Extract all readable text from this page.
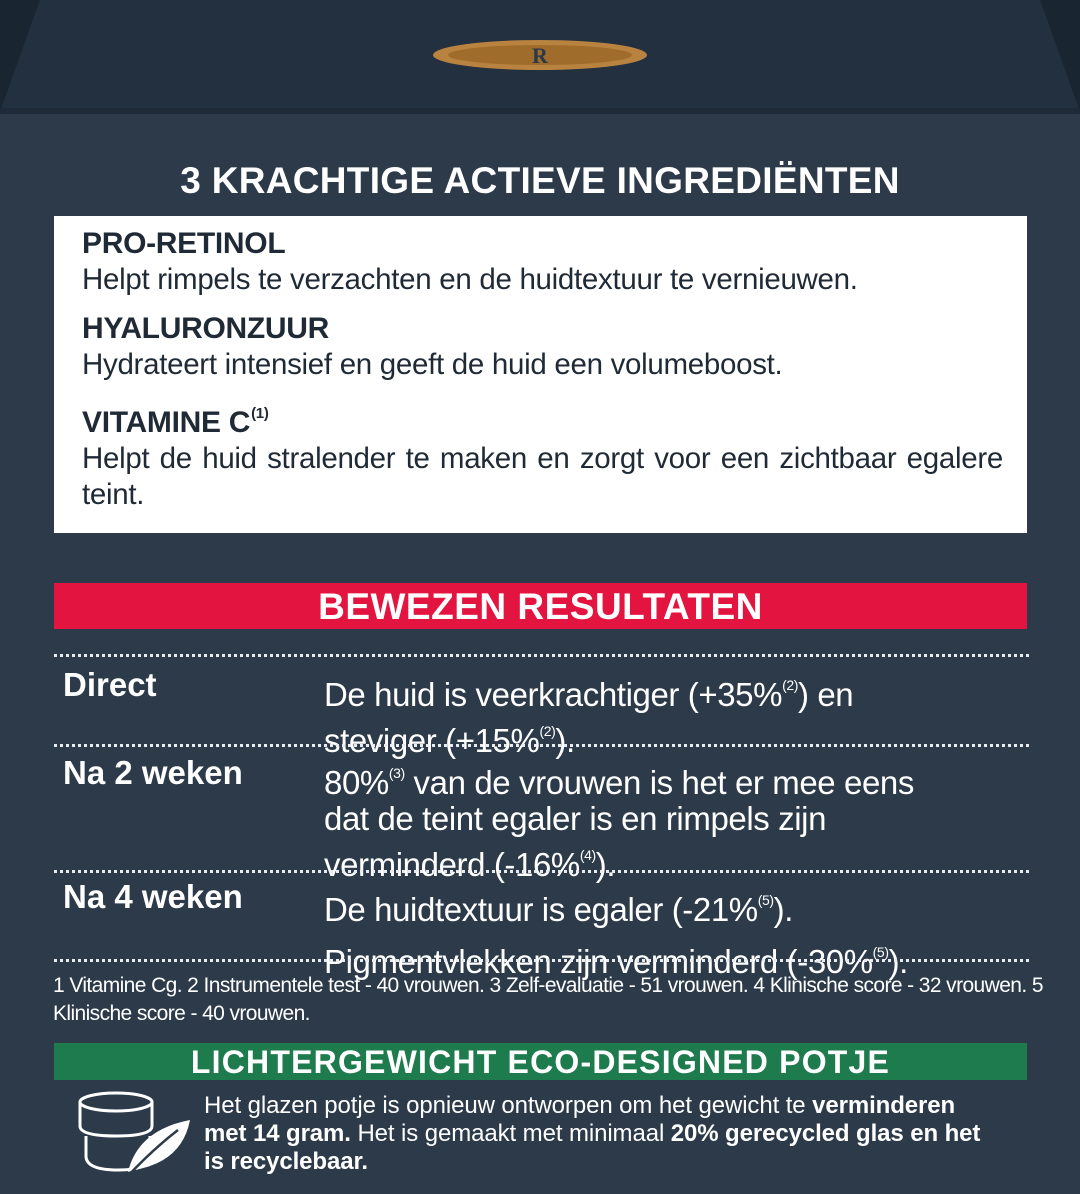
R
3 KRACHTIGE ACTIEVE INGREDIËNTEN
PRO-RETINOL
Helpt rimpels te verzachten en de huidtextuur te vernieuwen.
HYALURONZUUR
Hydrateert intensief en geeft de huid een volumeboost.
VITAMINE C$^{(1)}$
Helpt de huid stralender te maken en zorgt voor een zichtbaar egalere teint.
BEWEZEN RESULTATEN
Direct	De huid is veerkrachtiger (+35%$^{(2)}$) en
steviger (+15%$^{(2)}$).
Na 2 weken 80%$^{(3)}$ van de vrouwen is het er mee eens
dat de teint egaler is en rimpels zijn
verminderd (-16%$^{(4)}$).
Na 4 weken De huidtextuur is egaler (-21%$^{(5)}$).
Pigmentvlekken zijn verminderd (-30%$^{(5)}$).
1 Vitamine Cg. 2 Instrumentele test - 40 vrouwen. 3 Zelf-evaluatie - 51 vrouwen. 4 Klinische score - 32 vrouwen. 5 Klinische score - 40 vrouwen.
LICHTERGEWICHT ECO-DESIGNED POTJE
Het glazen potje is opnieuw ontworpen om het gewicht te verminderen met 14 gram. Het is gemaakt met minimaal 20% gerecycled glas en het is recyclebaar.
